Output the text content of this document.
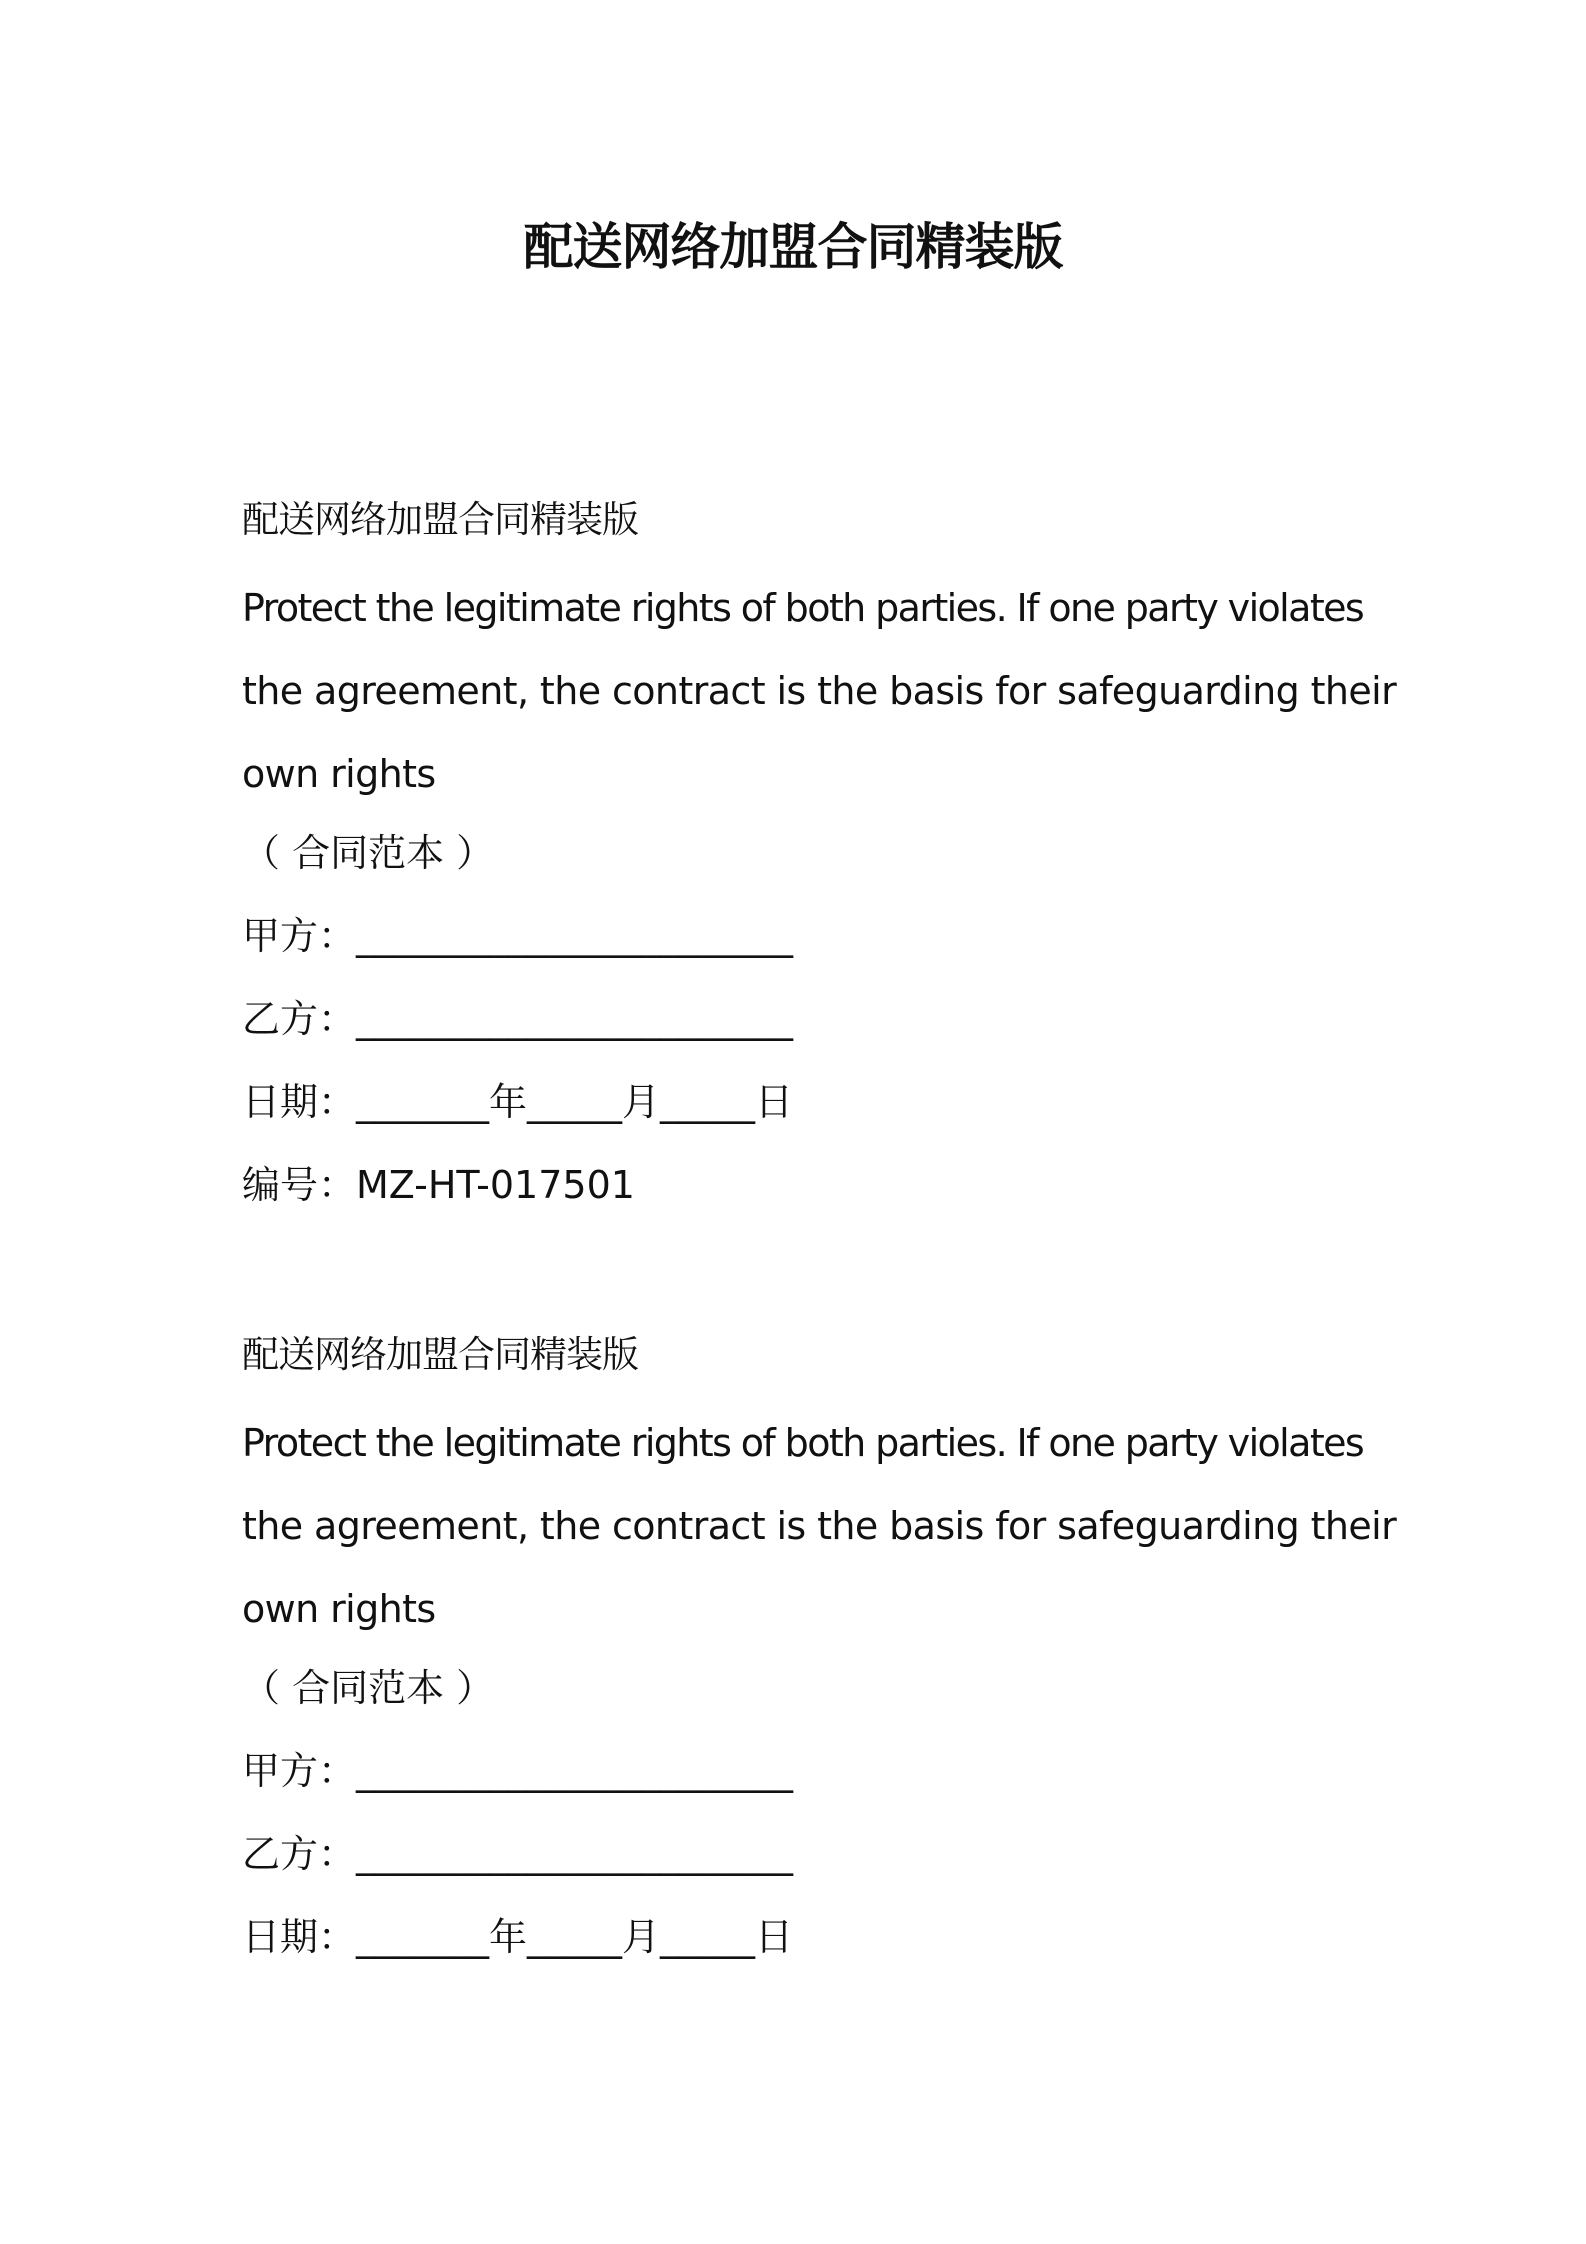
配送网络加盟合同精装版
配送网络加盟合同精装版
Protect the legitimate rights of both parties. If one party violates
the agreement, the contract is the basis for safeguarding their
own rights
（ 合同范本 ）
甲方：_______________________
乙方：_______________________
日期：_______年_____月_____日
编号：MZ-HT-017501
配送网络加盟合同精装版
Protect the legitimate rights of both parties. If one party violates
the agreement, the contract is the basis for safeguarding their
own rights
（ 合同范本 ）
甲方：_______________________
乙方：_______________________
日期：_______年_____月_____日
